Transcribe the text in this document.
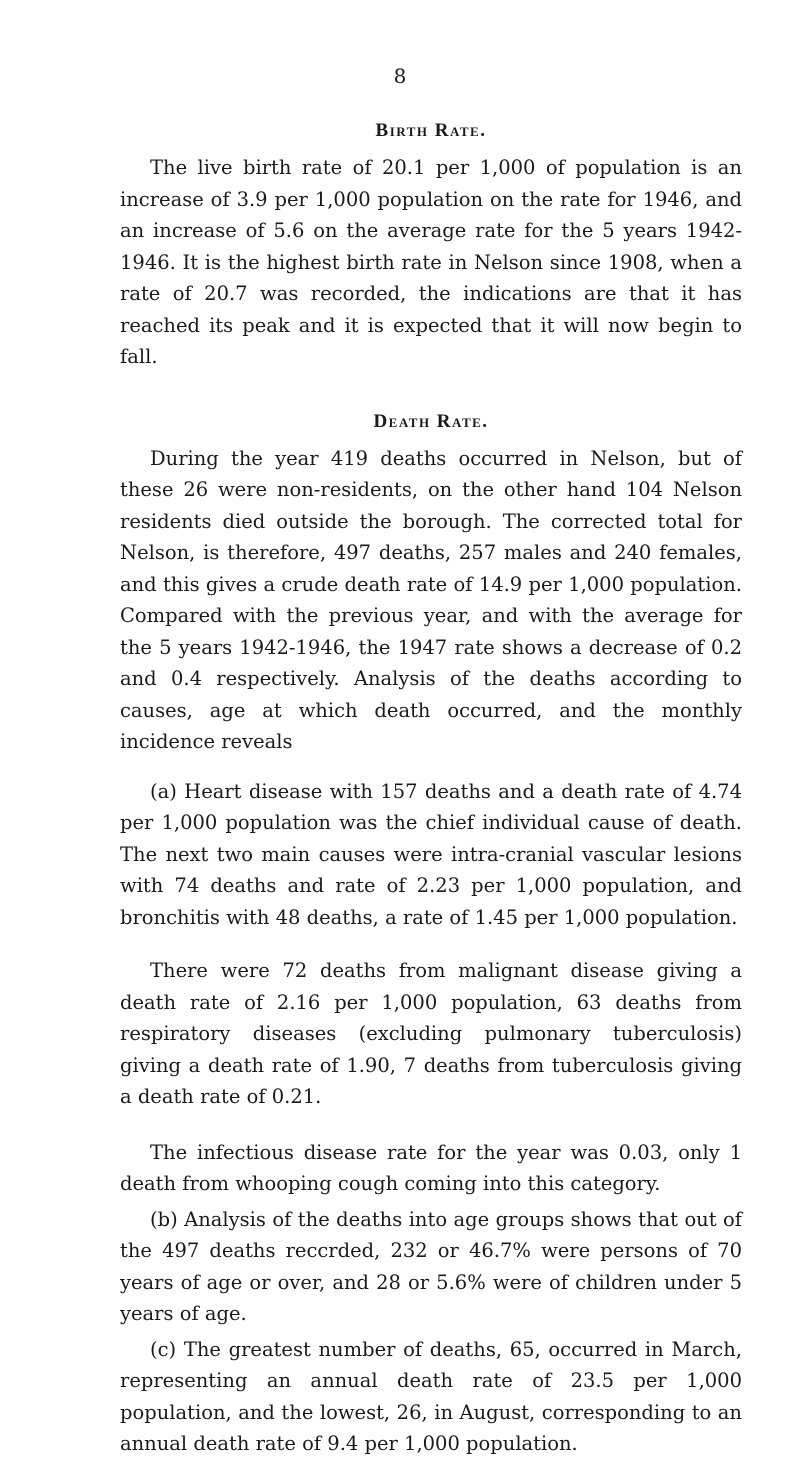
8
Birth Rate.

The live birth rate of 20.1 per 1,000 of population is an increase of 3.9 per 1,000 population on the rate for 1946, and an increase of 5.6 on the average rate for the 5 years 1942-1946. It is the highest birth rate in Nelson since 1908, when a rate of 20.7 was recorded, the indications are that it has reached its peak and it is expected that it will now begin to fall.

Death Rate.

During the year 419 deaths occurred in Nelson, but of these 26 were non-residents, on the other hand 104 Nelson residents died outside the borough. The corrected total for Nelson, is therefore, 497 deaths, 257 males and 240 females, and this gives a crude death rate of 14.9 per 1,000 population. Compared with the previous year, and with the average for the 5 years 1942-1946, the 1947 rate shows a decrease of 0.2 and 0.4 respectively. Analysis of the deaths according to causes, age at which death occurred, and the monthly incidence reveals

(a) Heart disease with 157 deaths and a death rate of 4.74 per 1,000 population was the chief individual cause of death. The next two main causes were intra-cranial vascular lesions with 74 deaths and rate of 2.23 per 1,000 population, and bronchitis with 48 deaths, a rate of 1.45 per 1,000 population.

There were 72 deaths from malignant disease giving a death rate of 2.16 per 1,000 population, 63 deaths from respiratory diseases (excluding pulmonary tuberculosis) giving a death rate of 1.90, 7 deaths from tuberculosis giving a death rate of 0.21.

The infectious disease rate for the year was 0.03, only 1 death from whooping cough coming into this category.

(b) Analysis of the deaths into age groups shows that out of the 497 deaths reccrded, 232 or 46.7% were persons of 70 years of age or over, and 28 or 5.6% were of children under 5 years of age.

(c) The greatest number of deaths, 65, occurred in March, representing an annual death rate of 23.5 per 1,000 population, and the lowest, 26, in August, corresponding to an annual death rate of 9.4 per 1,000 population.
